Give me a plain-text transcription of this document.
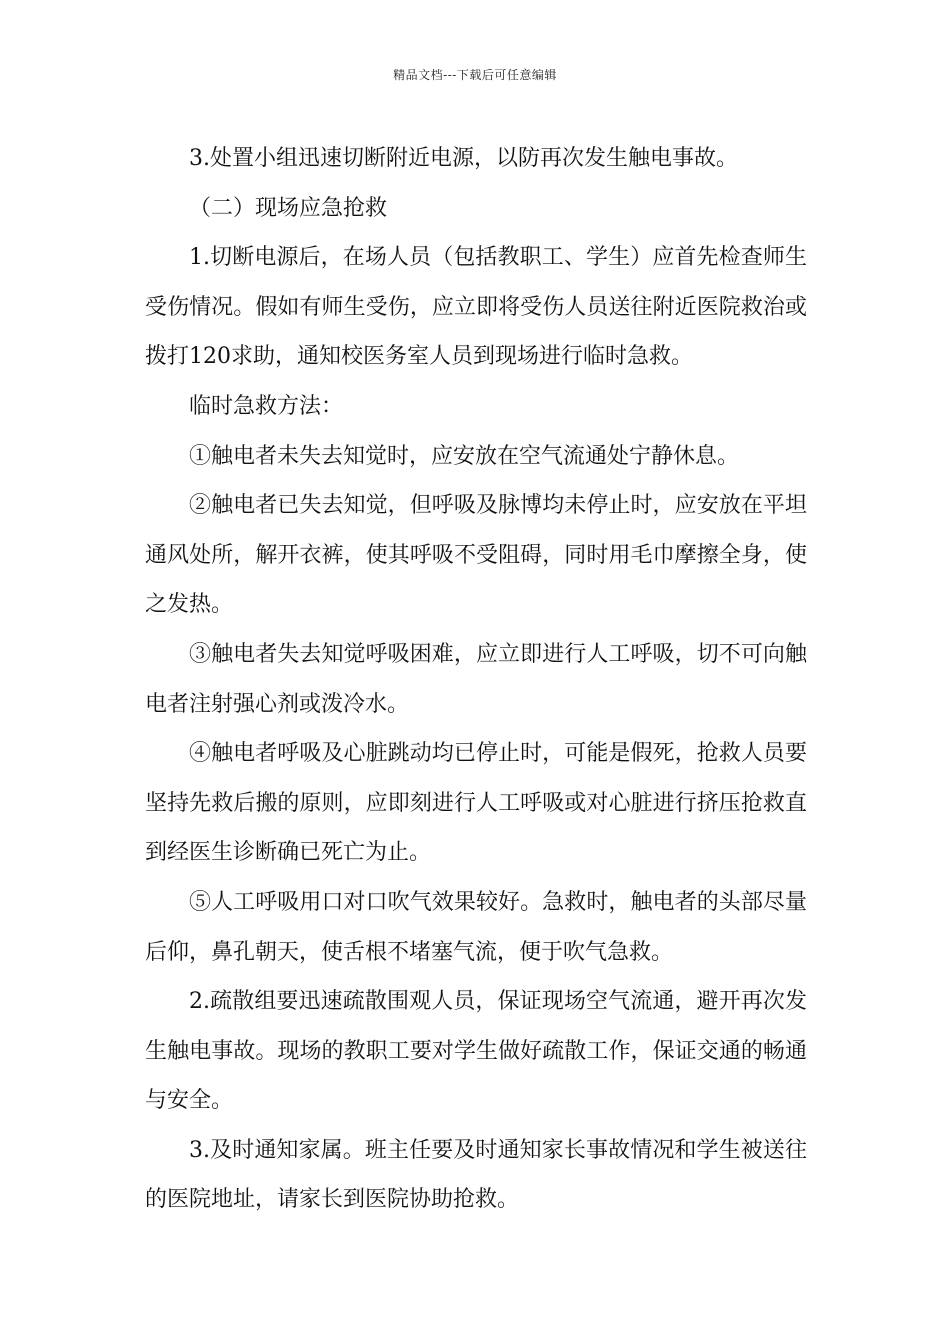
精品文档---下载后可任意编辑

3.处置小组迅速切断附近电源，以防再次发生触电事故。

（二）现场应急抢救

1.切断电源后，在场人员（包括教职工、学生）应首先检查师生受伤情况。假如有师生受伤，应立即将受伤人员送往附近医院救治或拨打120求助，通知校医务室人员到现场进行临时急救。

临时急救方法：

①触电者未失去知觉时，应安放在空气流通处宁静休息。

②触电者已失去知觉，但呼吸及脉博均未停止时，应安放在平坦通风处所，解开衣裤，使其呼吸不受阻碍，同时用毛巾摩擦全身，使之发热。

③触电者失去知觉呼吸困难，应立即进行人工呼吸，切不可向触电者注射强心剂或泼冷水。

④触电者呼吸及心脏跳动均已停止时，可能是假死，抢救人员要坚持先救后搬的原则，应即刻进行人工呼吸或对心脏进行挤压抢救直到经医生诊断确已死亡为止。

⑤人工呼吸用口对口吹气效果较好。急救时，触电者的头部尽量后仰，鼻孔朝天，使舌根不堵塞气流，便于吹气急救。

2.疏散组要迅速疏散围观人员，保证现场空气流通，避开再次发生触电事故。现场的教职工要对学生做好疏散工作，保证交通的畅通与安全。

3.及时通知家属。班主任要及时通知家长事故情况和学生被送往的医院地址，请家长到医院协助抢救。
